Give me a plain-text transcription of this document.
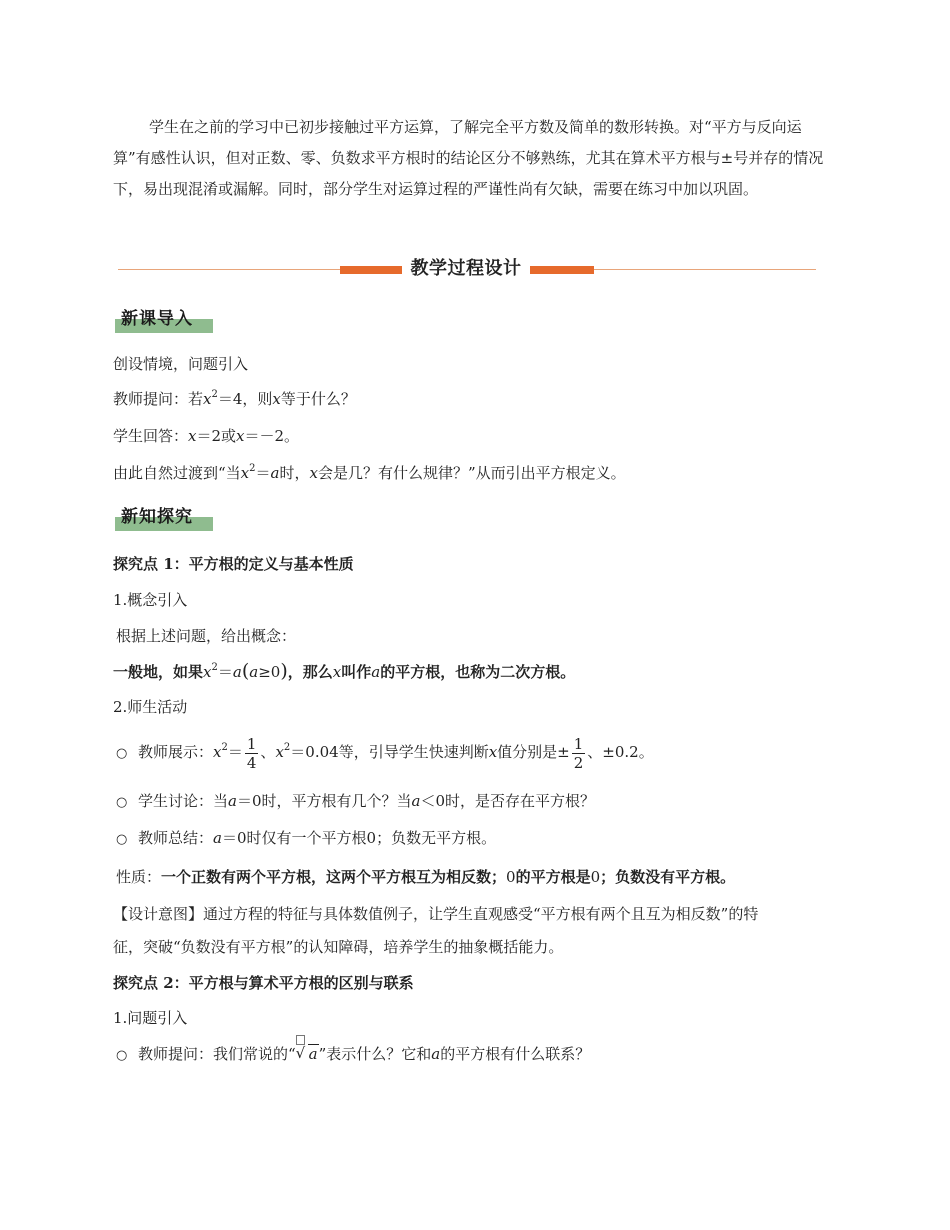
学生在之前的学习中已初步接触过平方运算，了解完全平方数及简单的数形转换。对“平方与反向运算”有感性认识，但对正数、零、负数求平方根时的结论区分不够熟练，尤其在算术平方根与±号并存的情况下，易出现混淆或漏解。同时，部分学生对运算过程的严谨性尚有欠缺，需要在练习中加以巩固。

教学过程设计
新课导入

创设情境，问题引入

教师提问：若$x^2=4$，则x等于什么？

学生回答：x＝2或x＝－2。

由此自然过渡到“当$x^2=a$时，x会是几？有什么规律？”从而引出平方根定义。

新知探究

探究点 1：平方根的定义与基本性质

1.概念引入

根据上述问题，给出概念：

一般地，如果$x^2=a(a\ge 0)$，那么x叫作a的平方根，也称为二次方根。

2.师生活动

○ 教师展示：$x^2= \frac{1}{4}$ 、$x^2=0.04$等，引导学生快速判断x值分别是± $\frac{1}{2}$ 、±0.2。

○ 学生讨论：当a＝0时，平方根有几个？当a＜0时，是否存在平方根？

○ 教师总结：a＝0时仅有一个平方根0；负数无平方根。

性质：一个正数有两个平方根，这两个平方根互为相反数；0的平方根是0；负数没有平方根。

【设计意图】通过方程的特征与具体数值例子，让学生直观感受“平方根有两个且互为相反数”的特

征，突破“负数没有平方根”的认知障碍，培养学生的抽象概括能力。

探究点 2：平方根与算术平方根的区别与联系

1.问题引入

○ 教师提问：我们常说的“
√ a”表示什么？它和a的平方根有什么联系？
